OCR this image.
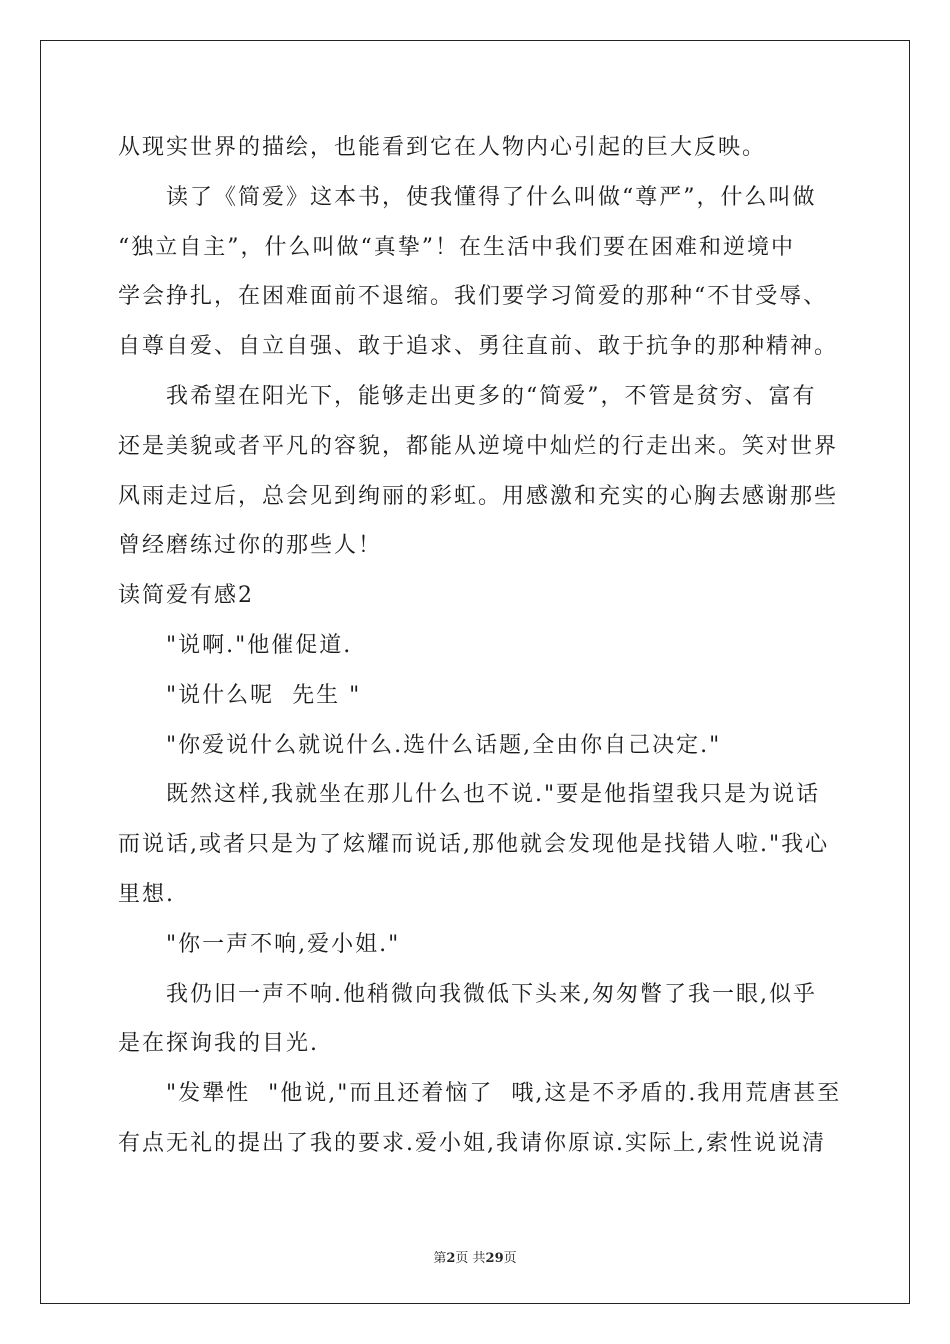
从现实世界的描绘，也能看到它在人物内心引起的巨大反映。
读了《简爱》这本书，使我懂得了什么叫做“尊严”，什么叫做
“独立自主”，什么叫做“真挚”！在生活中我们要在困难和逆境中
学会挣扎，在困难面前不退缩。我们要学习简爱的那种“不甘受辱、
自尊自爱、自立自强、敢于追求、勇往直前、敢于抗争的那种精神。
我希望在阳光下，能够走出更多的“简爱”，不管是贫穷、富有
还是美貌或者平凡的容貌，都能从逆境中灿烂的行走出来。笑对世界
风雨走过后，总会见到绚丽的彩虹。用感激和充实的心胸去感谢那些
曾经磨练过你的那些人！
读简爱有感2
"说啊."他催促道.
"说什么呢  先生 "
"你爱说什么就说什么.选什么话题,全由你自己决定."
既然这样,我就坐在那儿什么也不说."要是他指望我只是为说话
而说话,或者只是为了炫耀而说话,那他就会发现他是找错人啦."我心
里想.
"你一声不响,爱小姐."
我仍旧一声不响.他稍微向我微低下头来,匆匆瞥了我一眼,似乎
是在探询我的目光.
"发犟性  "他说,"而且还着恼了  哦,这是不矛盾的.我用荒唐甚至
有点无礼的提出了我的要求.爱小姐,我请你原谅.实际上,索性说说清
第2页 共29页
